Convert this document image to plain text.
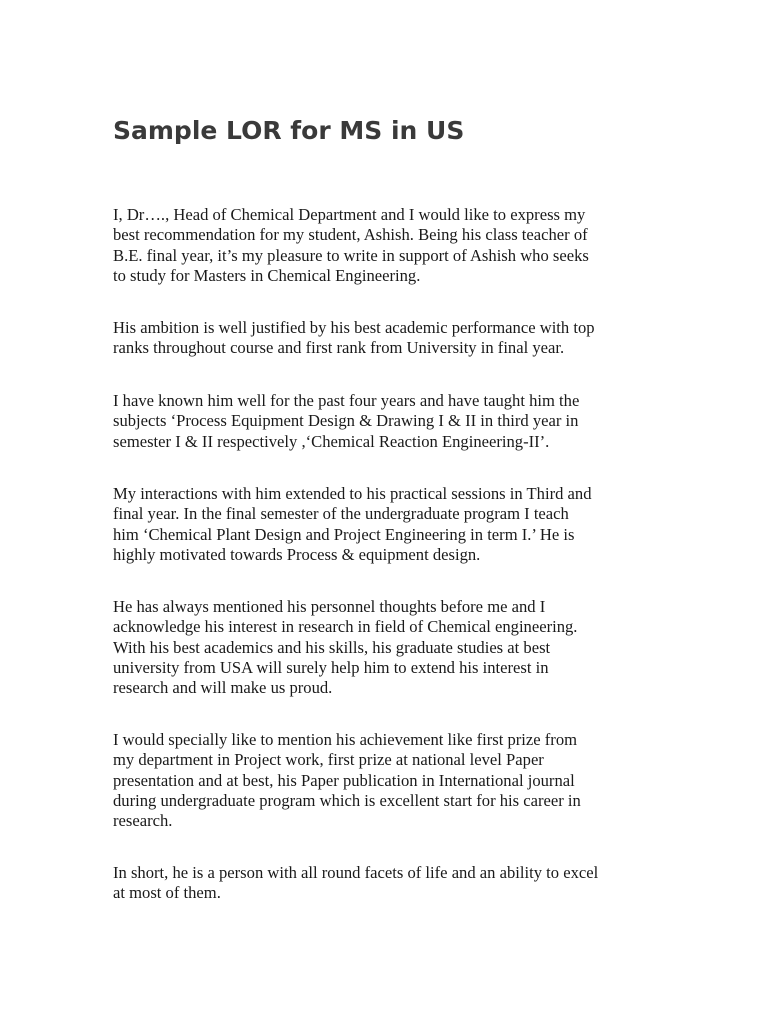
Sample LOR for MS in US

I, Dr…., Head of Chemical Department and I would like to express my
best recommendation for my student, Ashish. Being his class teacher of
B.E. final year, it’s my pleasure to write in support of Ashish who seeks
to study for Masters in Chemical Engineering.

His ambition is well justified by his best academic performance with top
ranks throughout course and first rank from University in final year.

I have known him well for the past four years and have taught him the
subjects ‘Process Equipment Design & Drawing I & II in third year in
semester I & II respectively ,‘Chemical Reaction Engineering-II’.

My interactions with him extended to his practical sessions in Third and
final year. In the final semester of the undergraduate program I teach
him ‘Chemical Plant Design and Project Engineering in term I.’ He is
highly motivated towards Process & equipment design.

He has always mentioned his personnel thoughts before me and I
acknowledge his interest in research in field of Chemical engineering.
With his best academics and his skills, his graduate studies at best
university from USA will surely help him to extend his interest in
research and will make us proud.

I would specially like to mention his achievement like first prize from
my department in Project work, first prize at national level Paper
presentation and at best, his Paper publication in International journal
during undergraduate program which is excellent start for his career in
research.

In short, he is a person with all round facets of life and an ability to excel
at most of them.
